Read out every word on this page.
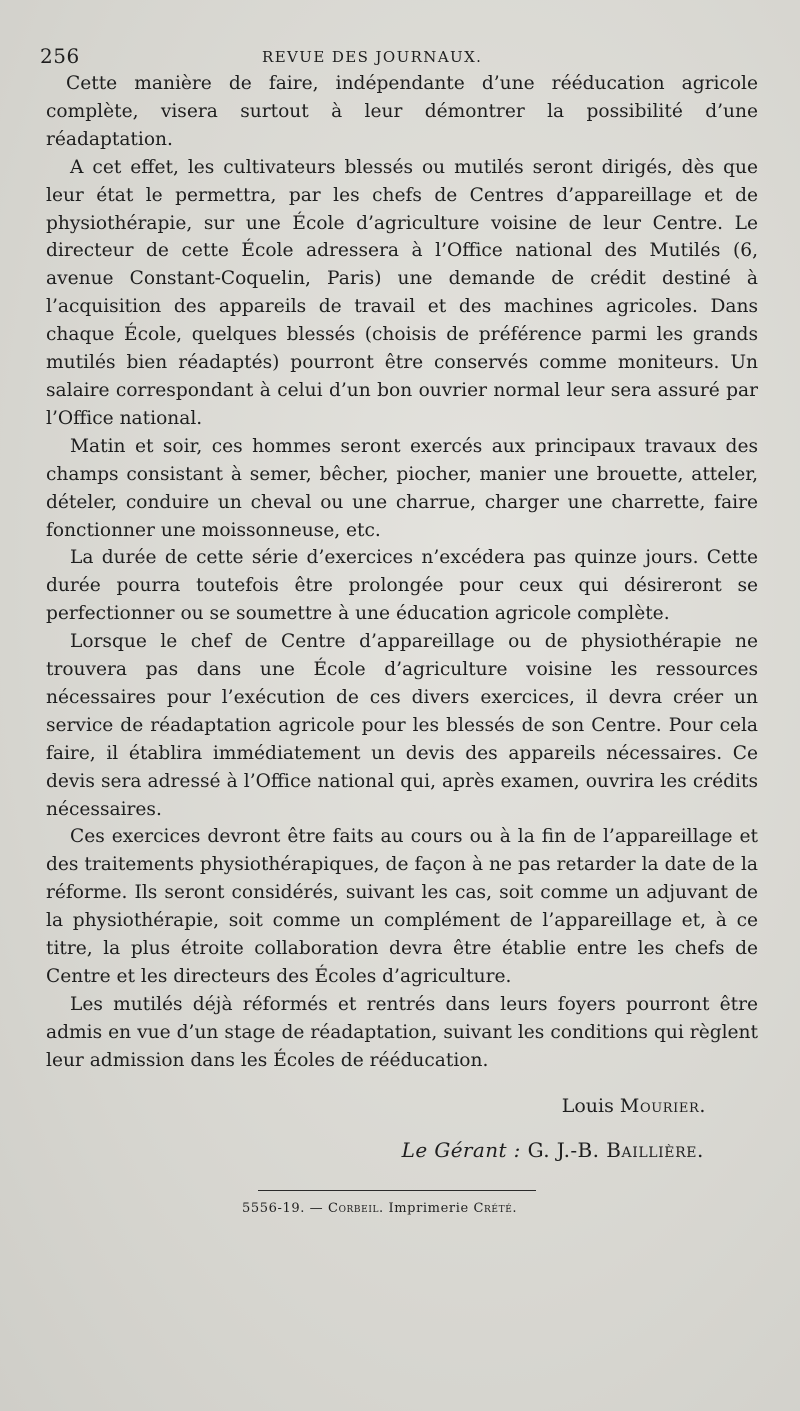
256	REVUE DES JOURNAUX.

Cette manière de faire, indépendante d’une rééducation agricole complète, visera surtout à leur démontrer la possibilité d’une réadaptation.

A cet effet, les cultivateurs blessés ou mutilés seront dirigés, dès que leur état le permettra, par les chefs de Centres d’appareillage et de physiothérapie, sur une École d’agriculture voisine de leur Centre. Le directeur de cette École adressera à l’Office national des Mutilés (6, avenue Constant-Coquelin, Paris) une demande de crédit destiné à l’acquisition des appareils de travail et des machines agricoles. Dans chaque École, quelques blessés (choisis de préférence parmi les grands mutilés bien réadaptés) pourront être conservés comme moniteurs. Un salaire correspondant à celui d’un bon ouvrier normal leur sera assuré par l’Office national.

Matin et soir, ces hommes seront exercés aux principaux travaux des champs consistant à semer, bêcher, piocher, manier une brouette, atteler, dételer, conduire un cheval ou une charrue, charger une charrette, faire fonctionner une moissonneuse, etc.

La durée de cette série d’exercices n’excédera pas quinze jours. Cette durée pourra toutefois être prolongée pour ceux qui désireront se perfectionner ou se soumettre à une éducation agricole complète.

Lorsque le chef de Centre d’appareillage ou de physiothérapie ne trouvera pas dans une École d’agriculture voisine les ressources nécessaires pour l’exécution de ces divers exercices, il devra créer un service de réadaptation agricole pour les blessés de son Centre. Pour cela faire, il établira immédiatement un devis des appareils nécessaires. Ce devis sera adressé à l’Office national qui, après examen, ouvrira les crédits nécessaires.

Ces exercices devront être faits au cours ou à la fin de l’appareillage et des traitements physiothérapiques, de façon à ne pas retarder la date de la réforme. Ils seront considérés, suivant les cas, soit comme un adjuvant de la physiothérapie, soit comme un complément de l’appareillage et, à ce titre, la plus étroite collaboration devra être établie entre les chefs de Centre et les directeurs des Écoles d’agriculture.

Les mutilés déjà réformés et rentrés dans leurs foyers pourront être admis en vue d’un stage de réadaptation, suivant les conditions qui règlent leur admission dans les Écoles de rééducation.

Louis Mourier.
Le Gérant : G. J.-B. Baillière.
5556-19. — Corbeil. Imprimerie Crété.
